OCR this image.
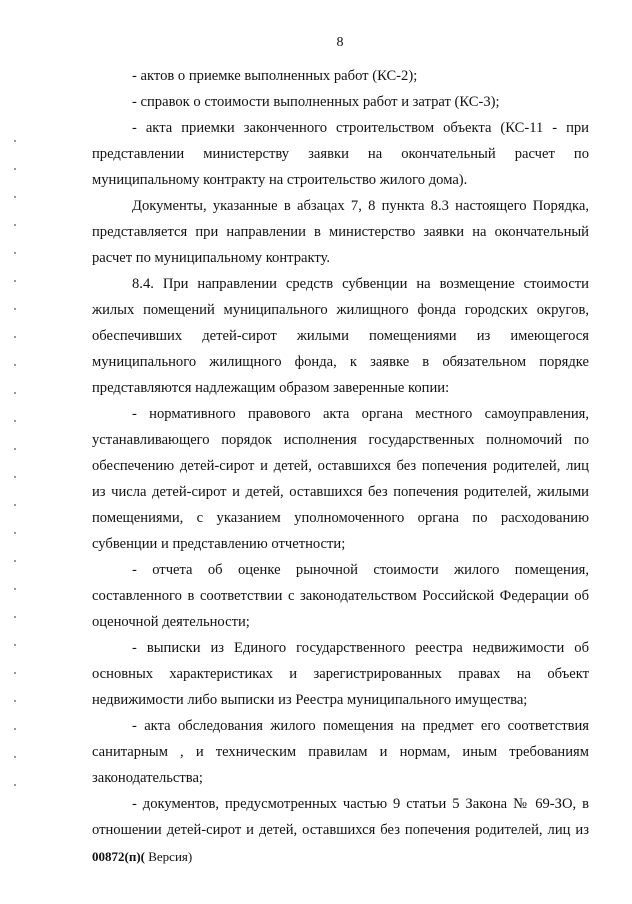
8

- актов о приемке выполненных работ (КС-2);

- справок о стоимости выполненных работ и затрат (КС-3);

- акта приемки законченного строительством объекта (КС-11 - при

представлении министерству заявки на окончательный расчет по

муниципальному контракту на строительство жилого дома).

Документы, указанные в абзацах 7, 8 пункта 8.3 настоящего Порядка,

представляется при направлении в министерство заявки на окончательный

расчет по муниципальному контракту.

8.4. При направлении средств субвенции на возмещение стоимости

жилых помещений муниципального жилищного фонда городских округов,

обеспечивших детей-сирот жилыми помещениями из имеющегося

муниципального жилищного фонда, к заявке в обязательном порядке

представляются надлежащим образом заверенные копии:

- нормативного правового акта органа местного самоуправления,

устанавливающего порядок исполнения государственных полномочий по

обеспечению детей-сирот и детей, оставшихся без попечения родителей, лиц

из числа детей-сирот и детей, оставшихся без попечения родителей, жилыми

помещениями, с указанием уполномоченного органа по расходованию

субвенции и представлению отчетности;

- отчета об оценке рыночной стоимости жилого помещения,

составленного в соответствии с законодательством Российской Федерации об

оценочной деятельности;

- выписки из Единого государственного реестра недвижимости об

основных характеристиках и зарегистрированных правах на объект

недвижимости либо выписки из Реестра муниципального имущества;

- акта обследования жилого помещения на предмет его соответствия

санитарным , и техническим правилам и нормам, иным требованиям

законодательства;

- документов, предусмотренных частью 9 статьи 5 Закона № 69-ЗО, в

отношении детей-сирот и детей, оставшихся без попечения родителей, лиц из

00872(п)( Версия)
